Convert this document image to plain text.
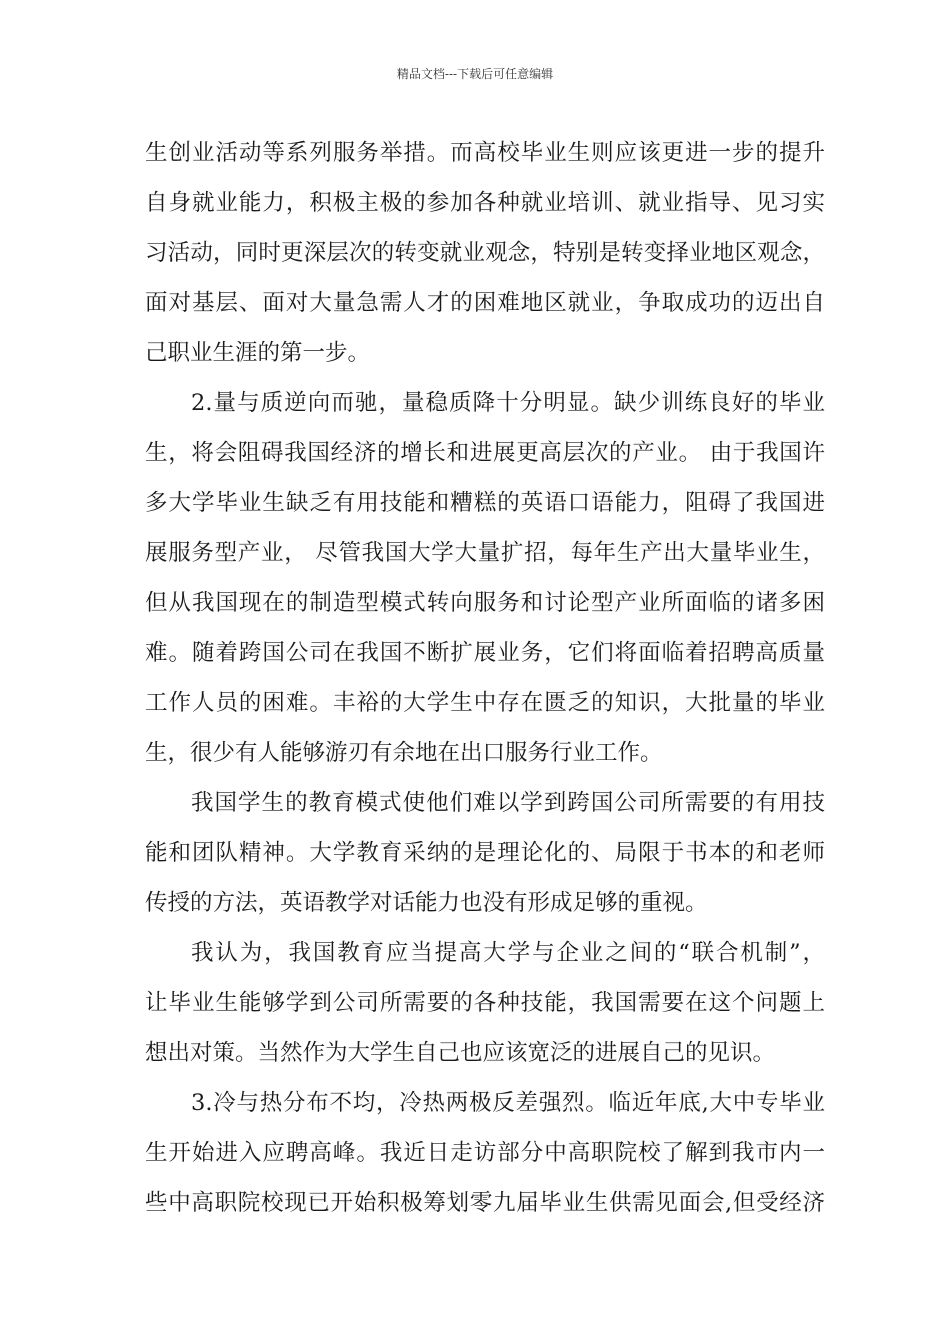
精品文档---下载后可任意编辑
生创业活动等系列服务举措。而高校毕业生则应该更进一步的提升
自身就业能力，积极主极的参加各种就业培训、就业指导、见习实
习活动，同时更深层次的转变就业观念，特别是转变择业地区观念，
面对基层、面对大量急需人才的困难地区就业，争取成功的迈出自
己职业生涯的第一步。
2.量与质逆向而驰，量稳质降十分明显。缺少训练良好的毕业
生，将会阻碍我国经济的增长和进展更高层次的产业。 由于我国许
多大学毕业生缺乏有用技能和糟糕的英语口语能力，阻碍了我国进
展服务型产业， 尽管我国大学大量扩招，每年生产出大量毕业生，
但从我国现在的制造型模式转向服务和讨论型产业所面临的诸多困
难。随着跨国公司在我国不断扩展业务，它们将面临着招聘高质量
工作人员的困难。丰裕的大学生中存在匮乏的知识，大批量的毕业
生，很少有人能够游刃有余地在出口服务行业工作。
我国学生的教育模式使他们难以学到跨国公司所需要的有用技
能和团队精神。大学教育采纳的是理论化的、局限于书本的和老师
传授的方法，英语教学对话能力也没有形成足够的重视。
我认为，我国教育应当提高大学与企业之间的“联合机制”，
让毕业生能够学到公司所需要的各种技能，我国需要在这个问题上
想出对策。当然作为大学生自己也应该宽泛的进展自己的见识。
3.冷与热分布不均，冷热两极反差强烈。临近年底,大中专毕业
生开始进入应聘高峰。我近日走访部分中高职院校了解到我市内一
些中高职院校现已开始积极筹划零九届毕业生供需见面会,但受经济
